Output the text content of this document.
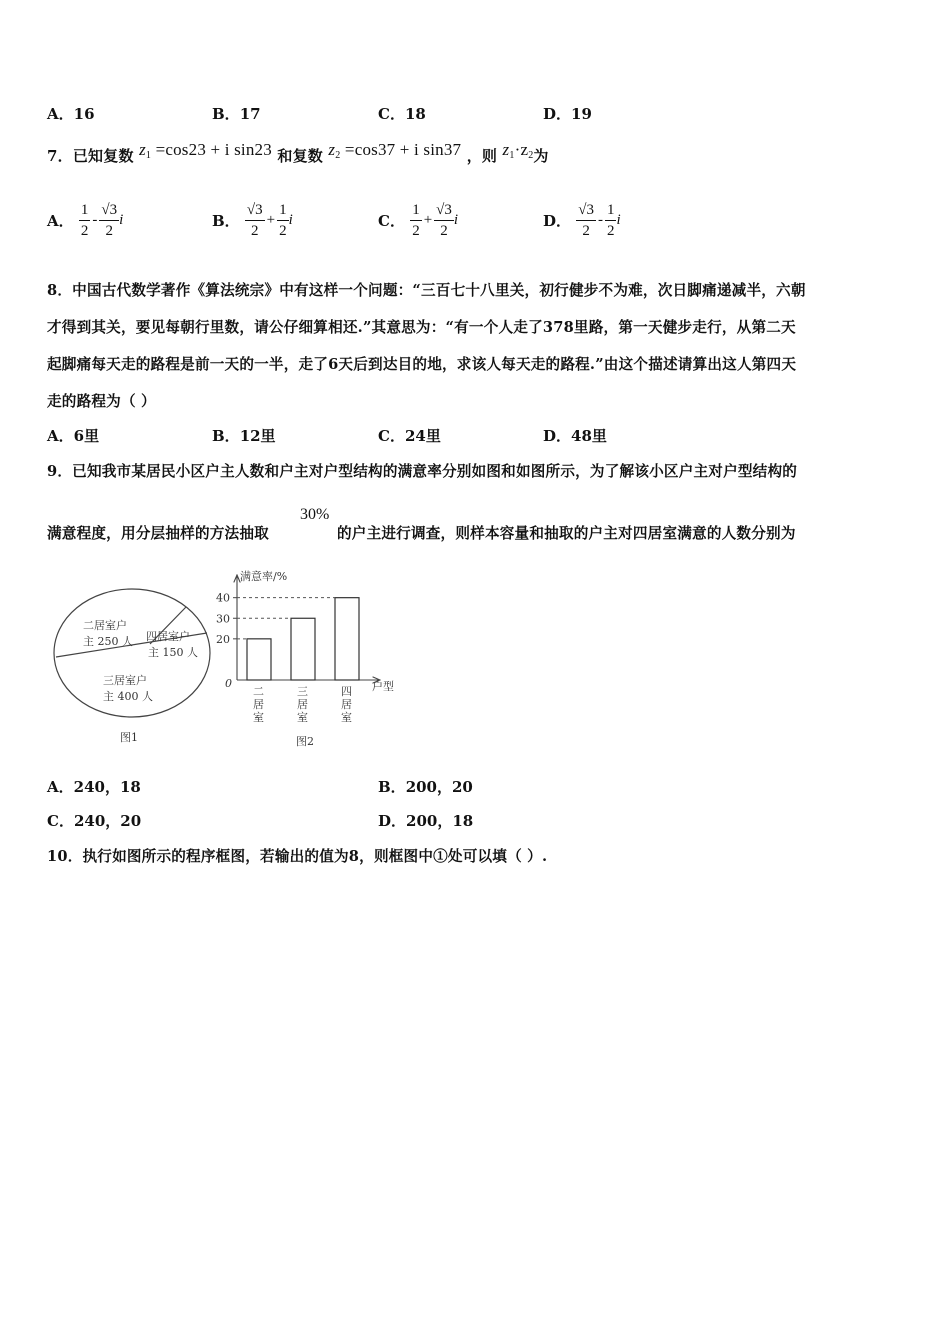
A．16	B．17	C．18	D．19
7．已知复数 $z_1 =\cos 23 + i$ sin23 和复数 $z_2 =\cos 37 + i$ sin37 ，则 $z_1\cdot z_2$为
A． $\frac{1}{2} - \frac{√3}{2}$ i	B． $\frac{√3}{2} + \frac{1}{2}$ i	C． $\frac{1}{2} + \frac{√3}{2}$ i	D． $\frac{√3}{2} - \frac{1}{2}$ i
8．中国古代数学著作《算法统宗》中有这样一个问题：“三百七十八里关，初行健步不为难，次日脚痛递减半，六朝
才得到其关，要见每朝行里数，请公仔细算相还.”其意思为：“有一个人走了378里路，第一天健步走行，从第二天
起脚痛每天走的路程是前一天的一半，走了6天后到达目的地，求该人每天走的路程.”由这个描述请算出这人第四天
走的路程为（ ）
A．6里	B．12里	C．24里	D．48里
9．已知我市某居民小区户主人数和户主对户型结构的满意率分别如图和如图所示，为了解该小区户主对户型结构的
满意程度，用分层抽样的方法抽取
30%
的户主进行调查，则样本容量和抽取的户主对四居室满意的人数分别为
二居室户
主 250 人 四居室户
主 150 人
三居室户
主 400 人
图1
满意率/%
户型
0
20
30
40
二
居
室
三
居
室
四
居
室
图2
A．240，18	B．200，20
C．240，20	D．200，18
10．执行如图所示的程序框图，若输出的值为8，则框图中①处可以填（ ）.
